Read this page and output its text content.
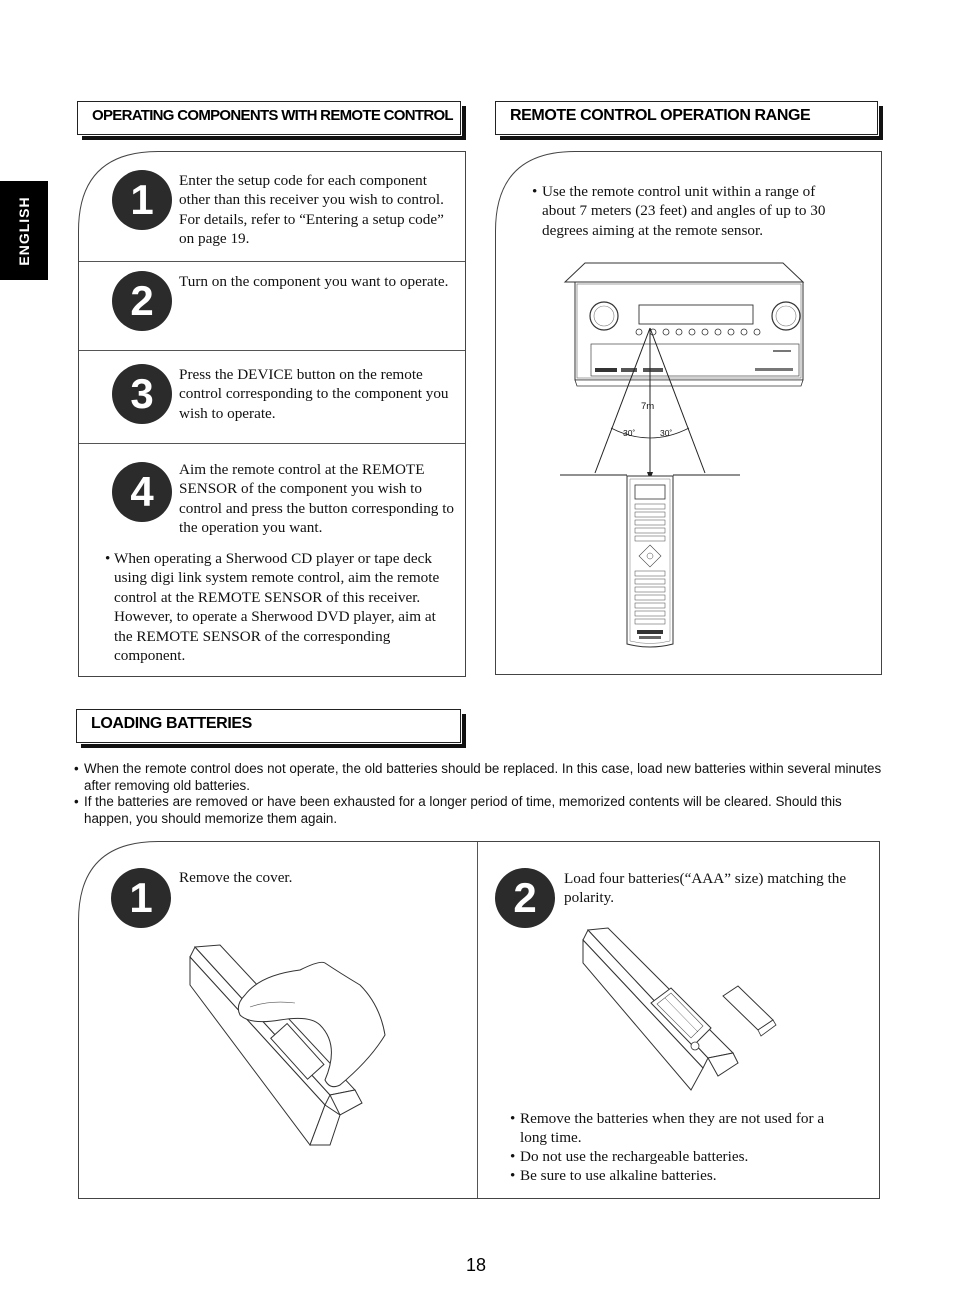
ENGLISH
OPERATING COMPONENTS WITH REMOTE CONTROL	REMOTE CONTROL OPERATION RANGE
LOADING BATTERIES
1	Enter the setup code for each component other than this receiver you wish to control. For details, refer to “Entering a setup code” on page 19.
2	Turn on the component you want to operate.
3	Press the DEVICE button on the remote control corresponding to the component you wish to operate.
4	Aim the remote control at the REMOTE SENSOR of the component you wish to control and press the button corresponding to the operation you want.
• When operating a Sherwood CD player or tape deck using digi link system remote control, aim the remote control at the REMOTE SENSOR of this receiver. However, to operate a Sherwood DVD player, aim at the REMOTE SENSOR of the corresponding component.
• Use the remote control unit within a range of about 7 meters (23 feet) and angles of up to 30 degrees aiming at the remote sensor.
7m
30˚	30˚
• When the remote control does not operate, the old batteries should be replaced. In this case, load new batteries within several minutes after removing old batteries.
• If the batteries are removed or have been exhausted for a longer period of time, memorized contents will be cleared. Should this happen, you should memorize them again.
1	Remove the cover.	2	Load four batteries(“AAA” size) matching the polarity.
• Remove the batteries when they are not used for a long time.
• Do not use the rechargeable batteries.
• Be sure to use alkaline batteries.
18
